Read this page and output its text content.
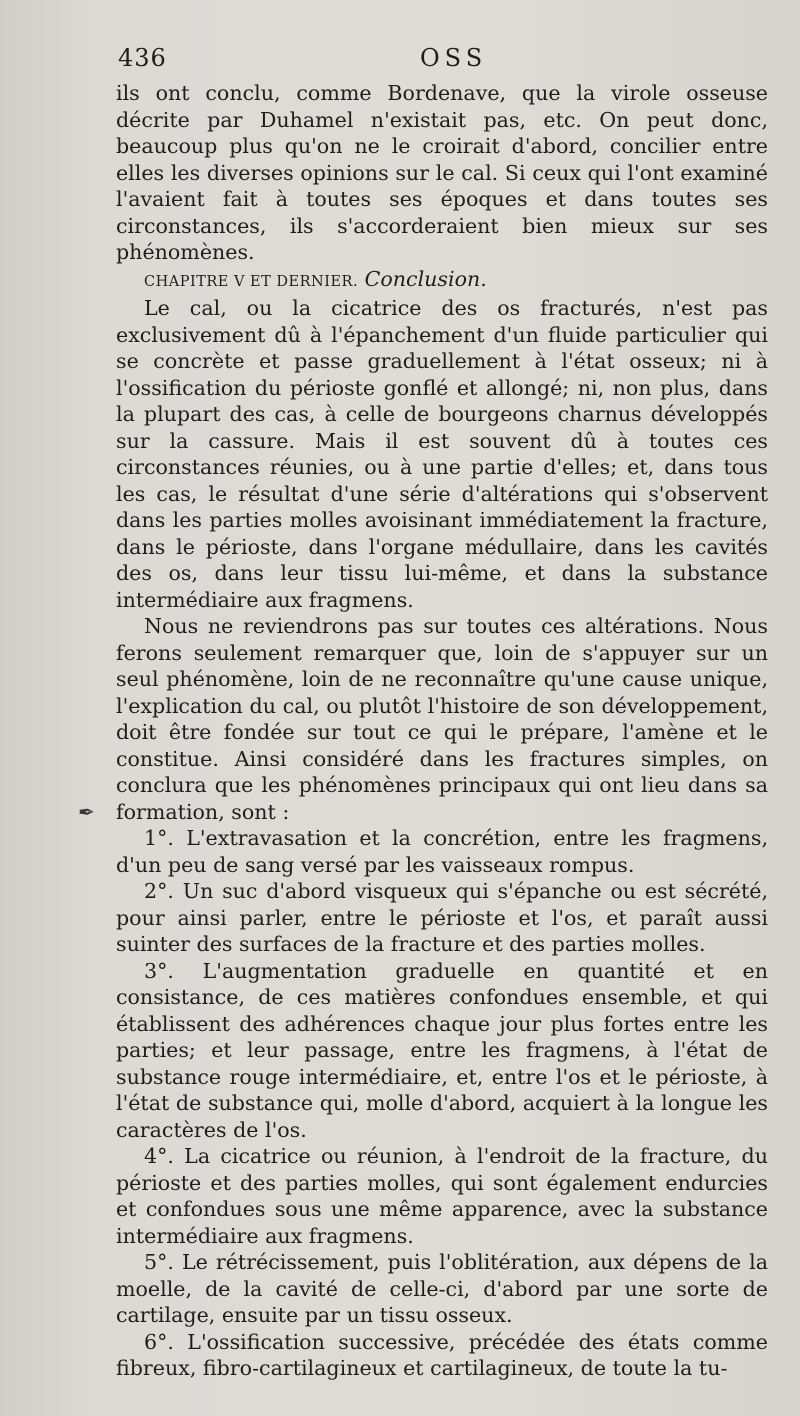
436	OSS

ils ont conclu, comme Bordenave, que la virole osseuse décrite par Duhamel n'existait pas, etc. On peut donc, beaucoup plus qu'on ne le croirait d'abord, concilier entre elles les diverses opinions sur le cal. Si ceux qui l'ont examiné l'avaient fait à toutes ses époques et dans toutes ses circonstances, ils s'accorderaient bien mieux sur ses phénomènes.

CHAPITRE V ET DERNIER. Conclusion.

Le cal, ou la cicatrice des os fracturés, n'est pas exclusivement dû à l'épanchement d'un fluide particulier qui se concrète et passe graduellement à l'état osseux; ni à l'ossification du périoste gonflé et allongé; ni, non plus, dans la plupart des cas, à celle de bourgeons charnus développés sur la cassure. Mais il est souvent dû à toutes ces circonstances réunies, ou à une partie d'elles; et, dans tous les cas, le résultat d'une série d'altérations qui s'observent dans les parties molles avoisinant immédiatement la fracture, dans le périoste, dans l'organe médullaire, dans les cavités des os, dans leur tissu lui-même, et dans la substance intermédiaire aux fragmens.

Nous ne reviendrons pas sur toutes ces altérations. Nous ferons seulement remarquer que, loin de s'appuyer sur un seul phénomène, loin de ne reconnaître qu'une cause unique, l'explication du cal, ou plutôt l'histoire de son développement, doit être fondée sur tout ce qui le prépare, l'amène et le constitue. Ainsi considéré dans les fractures simples, on conclura que les phénomènes principaux qui ont lieu dans sa formation, sont :

1°. L'extravasation et la concrétion, entre les fragmens, d'un peu de sang versé par les vaisseaux rompus.

2°. Un suc d'abord visqueux qui s'épanche ou est sécrété, pour ainsi parler, entre le périoste et l'os, et paraît aussi suinter des surfaces de la fracture et des parties molles.

3°. L'augmentation graduelle en quantité et en consistance, de ces matières confondues ensemble, et qui établissent des adhérences chaque jour plus fortes entre les parties; et leur passage, entre les fragmens, à l'état de substance rouge intermédiaire, et, entre l'os et le périoste, à l'état de substance qui, molle d'abord, acquiert à la longue les caractères de l'os.

4°. La cicatrice ou réunion, à l'endroit de la fracture, du périoste et des parties molles, qui sont également endurcies et confondues sous une même apparence, avec la substance intermédiaire aux fragmens.

5°. Le rétrécissement, puis l'oblitération, aux dépens de la moelle, de la cavité de celle-ci, d'abord par une sorte de cartilage, ensuite par un tissu osseux.

6°. L'ossification successive, précédée des états comme fibreux, fibro-cartilagineux et cartilagineux, de toute la tu-

✒
